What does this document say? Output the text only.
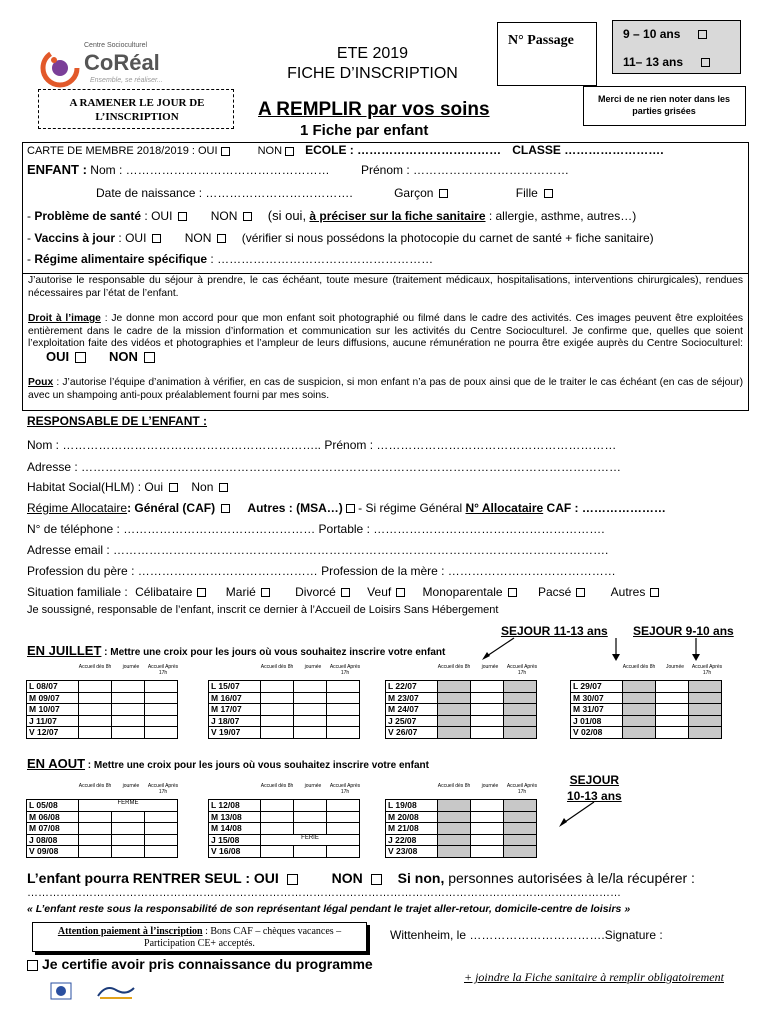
Centre Socioculturel
CoRéal
Ensemble, se réaliser...
ETE 2019
FICHE D’INSCRIPTION
N° Passage	9 – 10 ans
11– 13 ans
Merci de ne rien noter dans les parties grisées
A RAMENER LE JOUR DE L’INSCRIPTION	A REMPLIR par vos soins
1 Fiche par enfant
CARTE DE MEMBRE 2018/2019 : OUI	NON ECOLE : ……………………………… CLASSE …………………….
ENFANT : Nom : ……………………………………………	Prénom : …………………………………
Date de naissance : ……………………………….	Garçon	Fille
- Problème de santé : OUI	NON (si oui, à préciser sur la fiche sanitaire : allergie, asthme, autres…)
- Vaccins à jour : OUI	NON	(vérifier si nous possédons la photocopie du carnet de santé + fiche sanitaire)
- Régime alimentaire spécifique : ………………………………………………

J’autorise le responsable du séjour à prendre, le cas échéant, toute mesure (traitement médicaux, hospitalisations, interventions chirurgicales), rendues nécessaires par l’état de l’enfant.

Droit à l’image : Je donne mon accord pour que mon enfant soit photographié ou filmé dans le cadre des activités. Ces images peuvent être exploitées entièrement dans le cadre de la mission d’information et communication sur les activités du Centre Socioculturel. Je confirme que, quelles que soient l’exploitation faite des vidéos et photographies et l’ampleur de leurs diffusions, aucune rémunération ne pourra être exigée auprès du Centre Socioculturel: OUI	NON

Poux : J’autorise l’équipe d’animation à vérifier, en cas de suspicion, si mon enfant n’a pas de poux ainsi que de le traiter le cas échéant (en cas de séjour) avec un shampoing anti-poux préalablement fourni par mes soins.

RESPONSABLE DE L’ENFANT :
Nom : ……………………………………………………….. Prénom : ……………………………………………………
Adresse : ………………………………………………………………………………………………………………………
Habitat Social(HLM) : Oui Non
Régime Allocataire: Général (CAF)	Autres : (MSA…) - Si régime Général N° Allocataire CAF : …………………
N° de téléphone : ………………………………………… Portable : ………………………………………………….
Adresse email : …………………………………………………………………………………………………………….
Profession du père : ……………………………………… Profession de la mère : ……………………………………
Situation familiale : Célibataire	Marié	Divorcé	Veuf	Monoparentale	Pacsé	Autres
Je soussigné, responsable de l’enfant, inscrit ce dernier à l’Accueil de Loisirs Sans Hébergement
SEJOUR 11-13 ans SEJOUR 9-10 ans
EN JUILLET : Mettre une croix pour les jours où vous souhaitez inscrire votre enfant
EN AOUT : Mettre une croix pour les jours où vous souhaitez inscrire votre enfant
SEJOUR
10-13 ans
L’enfant pourra RENTRER SEUL : OUI	NON Si non, personnes autorisées à le/la récupérer :
………………………………………………………………………………………………………………………………………………
« L’enfant reste sous la responsabilité de son représentant légal pendant le trajet aller-retour, domicile-centre de loisirs »
Attention paiement à l’inscription : Bons CAF – chèques vacances – Participation CE+ acceptés.
Wittenheim, le …………………………….Signature :
Je certifie avoir pris connaissance du programme
+ joindre la Fiche sanitaire à remplir obligatoirement
Accueil dès 8h	journée	Accueil Après 17h
L 08/07			
M 09/07			
M 10/07			
J 11/07			
V 12/07			
Accueil dès 8h	journée	Accueil Après 17h
L 15/07			
M 16/07			
M 17/07			
J 18/07			
V 19/07			
Accueil dès 8h	journée	Accueil Après 17h
L 22/07			
M 23/07			
M 24/07			
J 25/07			
V 26/07			
Accueil dès 8h	Journée	Accueil Après 17h
L 29/07			
M 30/07			
M 31/07			
J 01/08			
V 02/08			
Accueil dès 8h	journée	Accueil Après 17h
L 05/08	FERME		
M 06/08			
M 07/08			
J 08/08			
V 09/08			
Accueil dès 8h	journée	Accueil Après 17h
L 12/08			
M 13/08			
M 14/08			
J 15/08	FERIE		
V 16/08			
Accueil dès 8h	journée	Accueil Après 17h
L 19/08			
M 20/08			
M 21/08			
J 22/08			
V 23/08			
